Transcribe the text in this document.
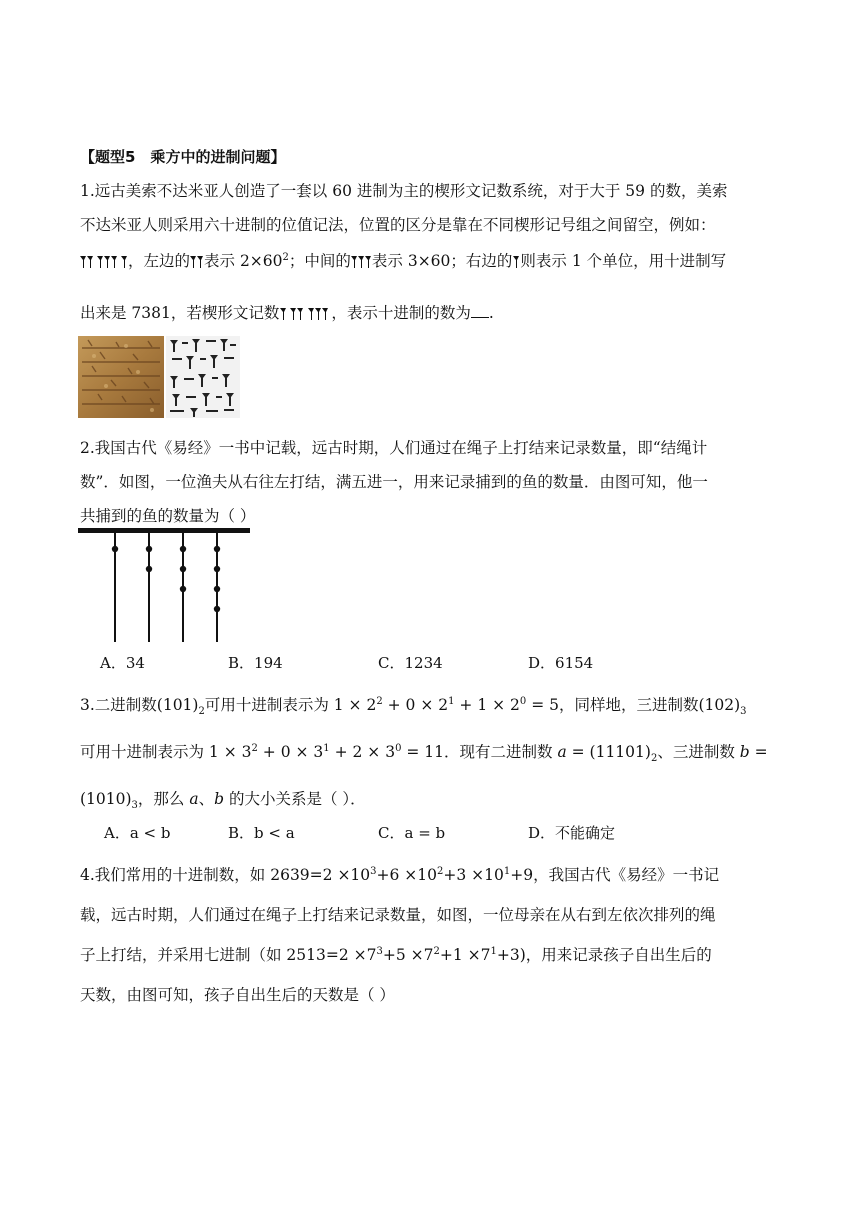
【题型5　乘方中的进制问题】
1.远古美索不达米亚人创造了一套以 60 进制为主的楔形文记数系统，对于大于 59 的数，美索
不达米亚人则采用六十进制的位值记法，位置的区分是靠在不同楔形记号组之间留空，例如：
，左边的 表示 $2\times 60^2$；中间的 表示 3×60；右边的 则表示 1 个单位，用十进制写
出来是 7381，若楔形文记数	，表示十进制的数为 .
2.我国古代《易经》一书中记载，远古时期，人们通过在绳子上打结来记录数量，即“结绳计
数”．如图，一位渔夫从右往左打结，满五进一，用来记录捕到的鱼的数量．由图可知，他一
共捕到的鱼的数量为（ ）
A．34	B．194	C．1234	D．6154
3.二进制数$(101)_2$可用十进制表示为 $1 \times 2^2 + 0 \times 2^1 + 1 \times 2^0 = 5$，同样地，三进制数$(102)_3$
可用十进制表示为 $1 \times 3^2 + 0 \times 3^1 + 2 \times 3^0 = 11$．现有二进制数 $a = (11101)_2$、三进制数 b =
$(1010)_3$，那么 a、b 的大小关系是（ ）．
A．a < b	B．b < a	C．a = b	D．不能确定
4.我们常用的十进制数，如 $2639=2 \times 10^3+6 \times 10^2+3 \times 10^1+9$，我国古代《易经》一书记
载，远古时期，人们通过在绳子上打结来记录数量，如图，一位母亲在从右到左依次排列的绳
子上打结，并采用七进制（如 $2513=2 \times 7^3+5 \times 7^2+1 \times 7^1+3$)，用来记录孩子自出生后的
天数，由图可知，孩子自出生后的天数是（ ）
